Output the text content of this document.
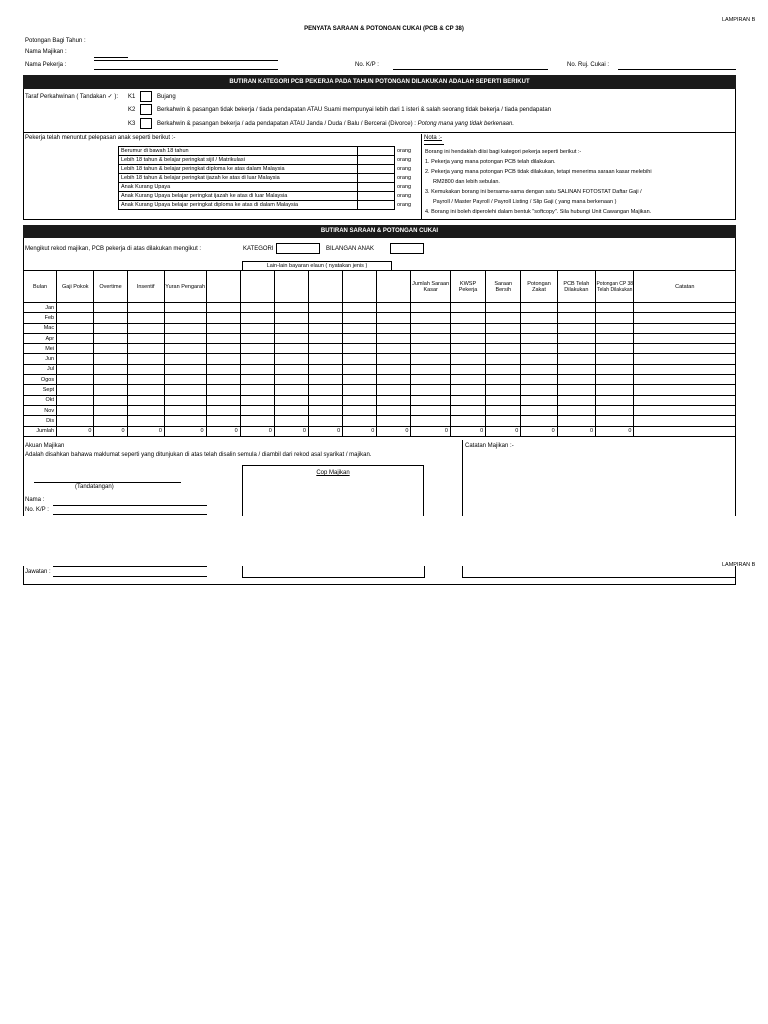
LAMPIRAN B
PENYATA SARAAN & POTONGAN CUKAI (PCB & CP 38)
Potongan Bagi Tahun :
Nama Majikan :
Nama Pekerja :	No. K/P :	No. Ruj. Cukai :
BUTIRAN KATEGORI PCB PEKERJA PADA TAHUN POTONGAN DILAKUKAN ADALAH SEPERTI BERIKUT
Taraf Perkahwinan ( Tandakan ✓ ): K1	Bujang
K2	Berkahwin & pasangan tidak bekerja / tiada pendapatan ATAU Suami mempunyai lebih dari 1 isteri & salah seorang tidak bekerja / tiada pendapatan
K3	Berkahwin & pasangan bekerja / ada pendapatan ATAU Janda / Duda / Balu / Bercerai (Divorce) : Potong mana yang tidak berkenaan.
Pekerja telah menuntut pelepasan anak seperti berikut :-
Berumur di bawah 18 tahun		orang
Lebih 18 tahun & belajar peringkat sijil / Matrikulasi		orang
Lebih 18 tahun & belajar peringkat diploma ke atas dalam Malaysia		orang
Lebih 18 tahun & belajar peringkat ijazah ke atas di luar Malaysia		orang
Anak Kurang Upaya		orang
Anak Kurang Upaya belajar peringkat ijazah ke atas di luar Malaysia		orang
Anak Kurang Upaya belajar peringkat diploma ke atas di dalam Malaysia		orang
Nota :-
Borang ini hendaklah diisi bagi kategori pekerja seperti berikut :-
1. Pekerja yang mana potongan PCB telah dilakukan.
2. Pekerja yang mana potongan PCB tidak dilakukan, tetapi menerima saraan kasar melebihi
RM2800 dan lebih sebulan.
3. Kemukakan borang ini bersama-sama dengan satu SALINAN FOTOSTAT Daftar Gaji /
Payroll / Master Payroll / Payroll Listing / Slip Gaji ( yang mana berkenaan )
4. Borang ini boleh diperolehi dalam bentuk "softcopy". Sila hubungi Unit Cawangan Majikan.
BUTIRAN SARAAN & POTONGAN CUKAI
Mengikut rekod majikan, PCB pekerja di atas dilakukan mengikut :	KATEGORI	BILANGAN ANAK
Lain-lain bayaran elaun ( nyatakan jenis )
Bulan	Gaji Pokok	Overtime	Insentif	Yuran Pengarah							Jumlah Saraan Kasar	KWSP Pekerja	Saraan Bersih	Potongan Zakat	PCB Telah Dilakukan	Potongan CP 38 Telah Dilakukan	Catatan
Jan																	
Feb																	
Mac																	
Apr																	
Mei																	
Jun																	
Jul																	
Ogos																	
Sept																	
Okt																	
Nov																	
Dis																	
Jumlah	0	0	0	0	0	0	0	0	0	0	0	0	0	0	0	0	
Akuan Majikan
Adalah disahkan bahawa maklumat seperti yang ditunjukan di atas telah disalin semula / diambil dari rekod asal syarikat / majikan.
Catatan Majikan :-
Cop Majikan
(Tandatangan)
Nama :
No. K/P :
LAMPIRAN B
Jawatan :
